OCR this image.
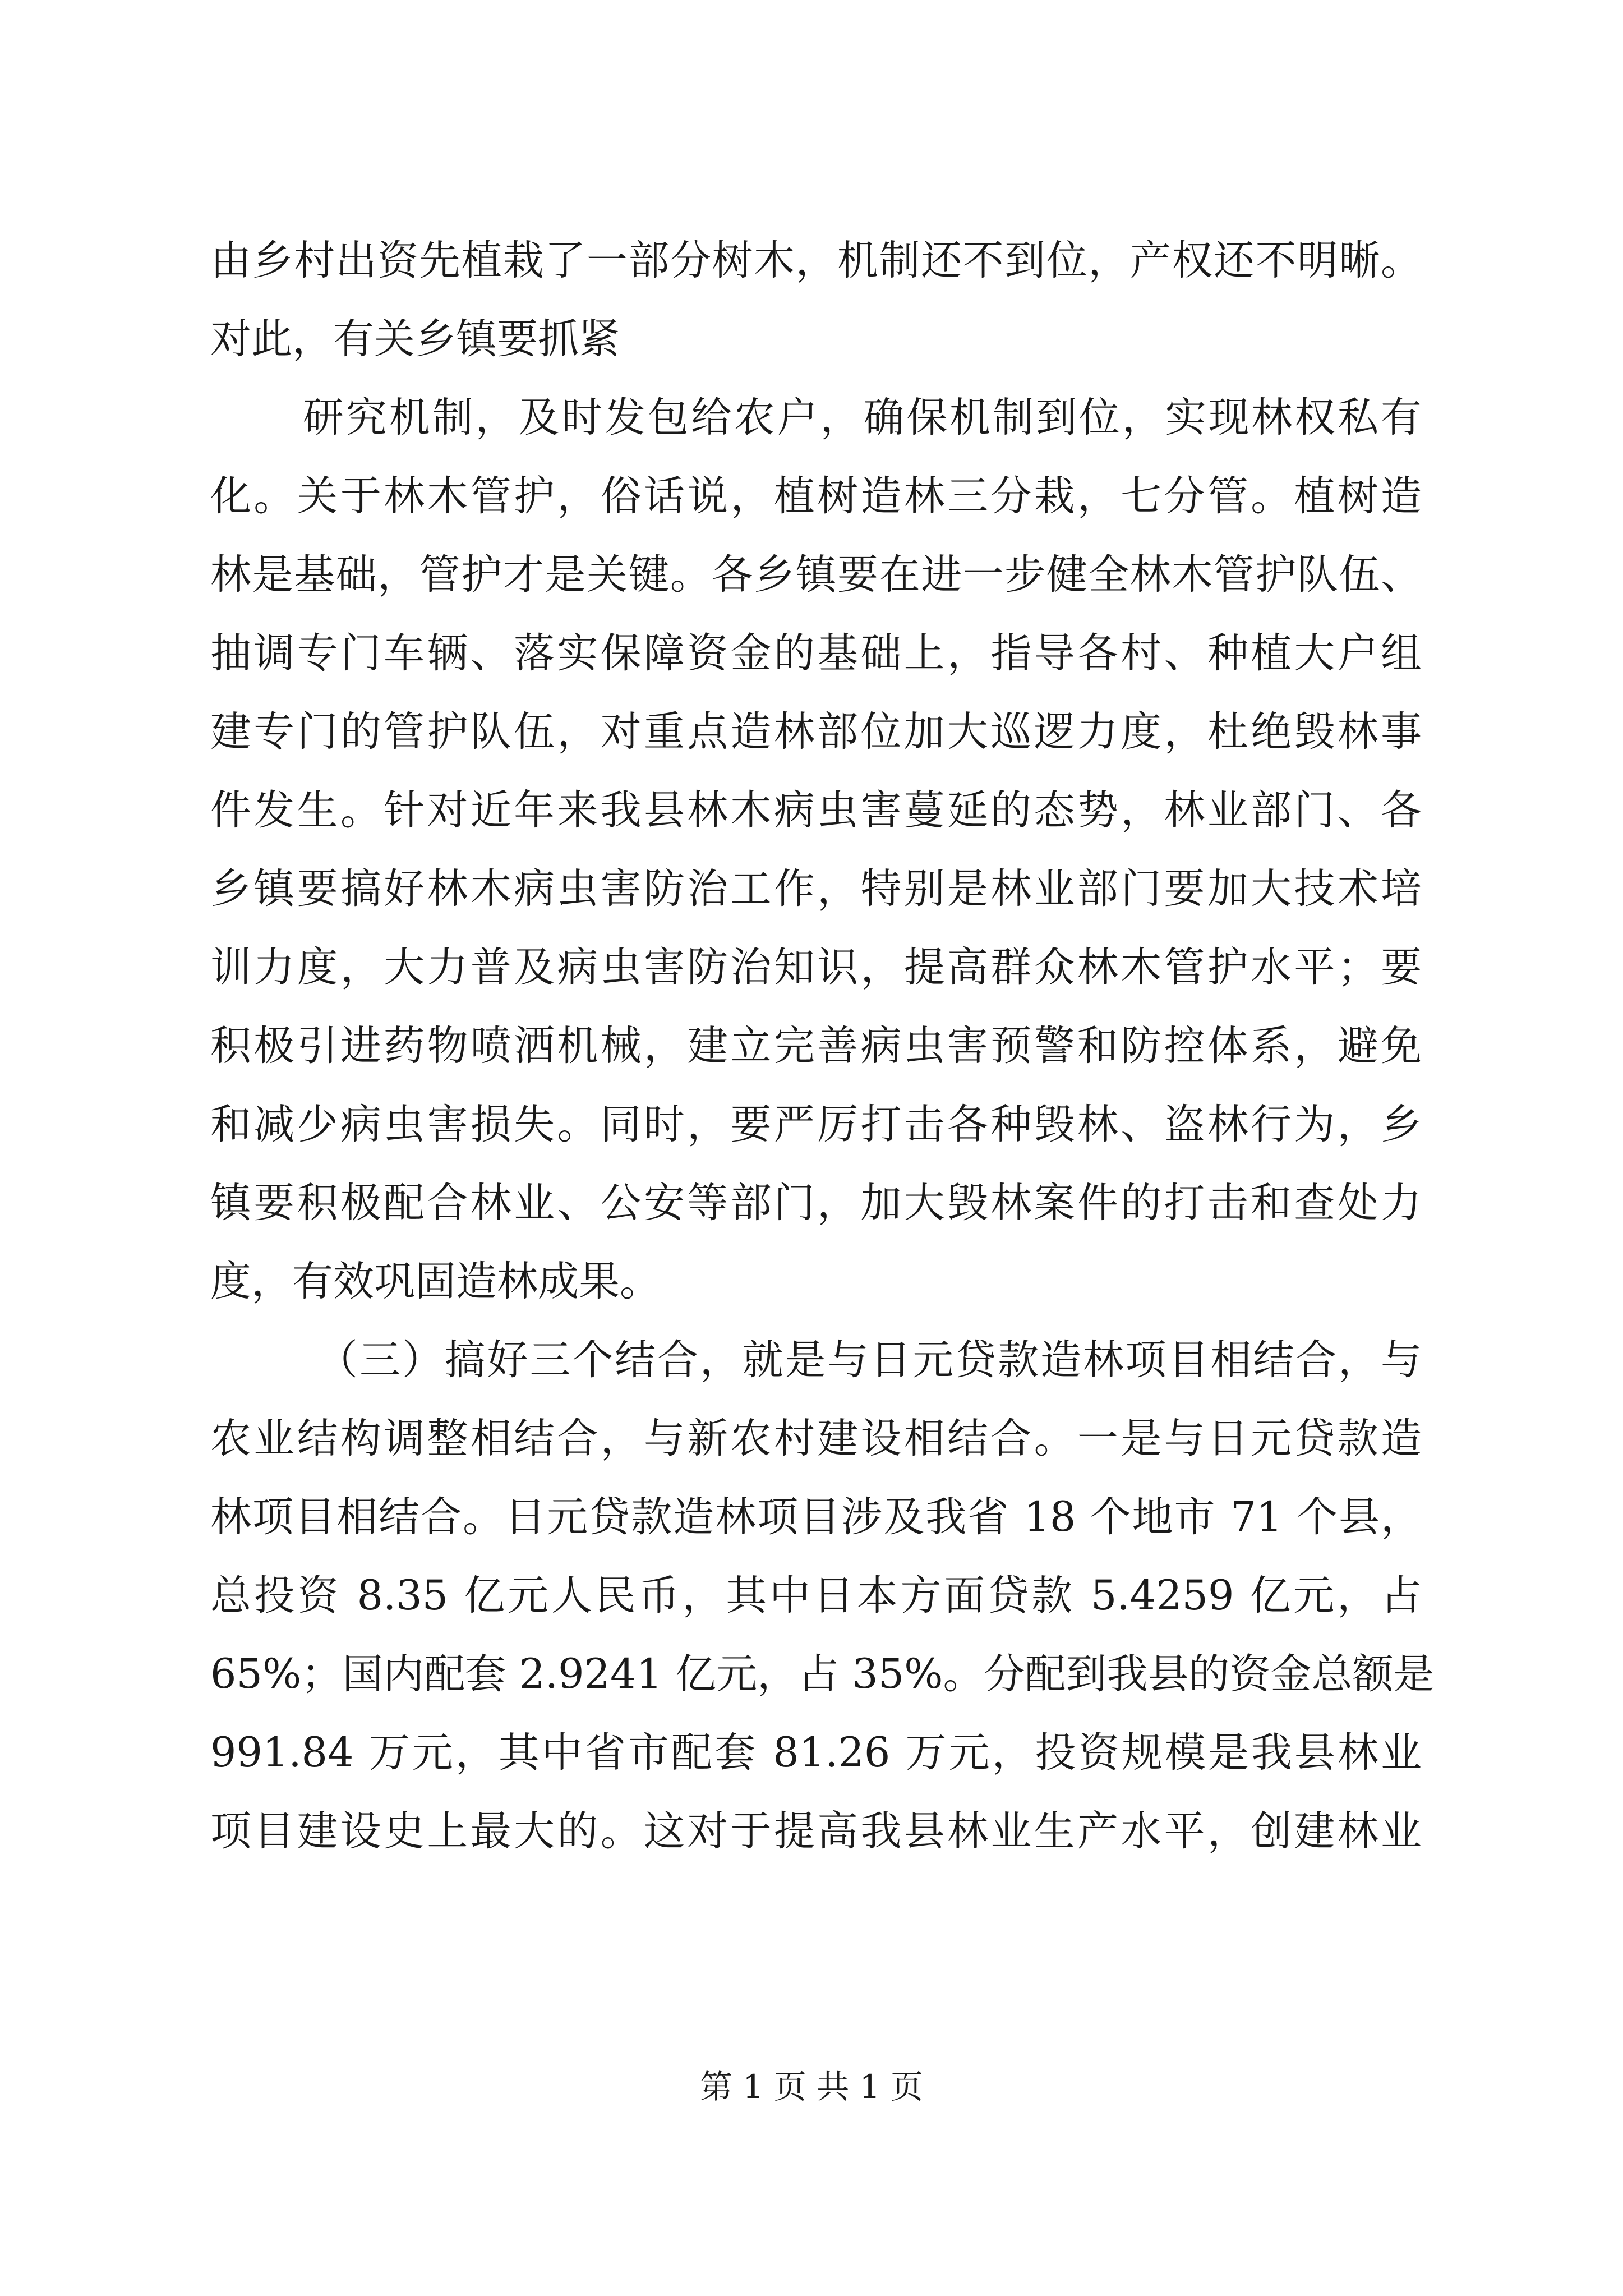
由乡村出资先植栽了一部分树木，机制还不到位，产权还不明晰。
对此，有关乡镇要抓紧
研究机制，及时发包给农户，确保机制到位，实现林权私有
化。关于林木管护，俗话说，植树造林三分栽，七分管。植树造
林是基础，管护才是关键。各乡镇要在进一步健全林木管护队伍、
抽调专门车辆、落实保障资金的基础上，指导各村、种植大户组
建专门的管护队伍，对重点造林部位加大巡逻力度，杜绝毁林事
件发生。针对近年来我县林木病虫害蔓延的态势，林业部门、各
乡镇要搞好林木病虫害防治工作，特别是林业部门要加大技术培
训力度，大力普及病虫害防治知识，提高群众林木管护水平；要
积极引进药物喷洒机械，建立完善病虫害预警和防控体系，避免
和减少病虫害损失。同时，要严厉打击各种毁林、盗林行为，乡
镇要积极配合林业、公安等部门，加大毁林案件的打击和查处力
度，有效巩固造林成果。
（三）搞好三个结合，就是与日元贷款造林项目相结合，与
农业结构调整相结合，与新农村建设相结合。一是与日元贷款造
林项目相结合。日元贷款造林项目涉及我省 18 个地市 71 个县，
总投资 8.35 亿元人民币，其中日本方面贷款 5.4259 亿元，占
65%；国内配套 2.9241 亿元，占 35%。分配到我县的资金总额是
991.84 万元，其中省市配套 81.26 万元，投资规模是我县林业
项目建设史上最大的。这对于提高我县林业生产水平，创建林业
第 1 页 共 1 页
